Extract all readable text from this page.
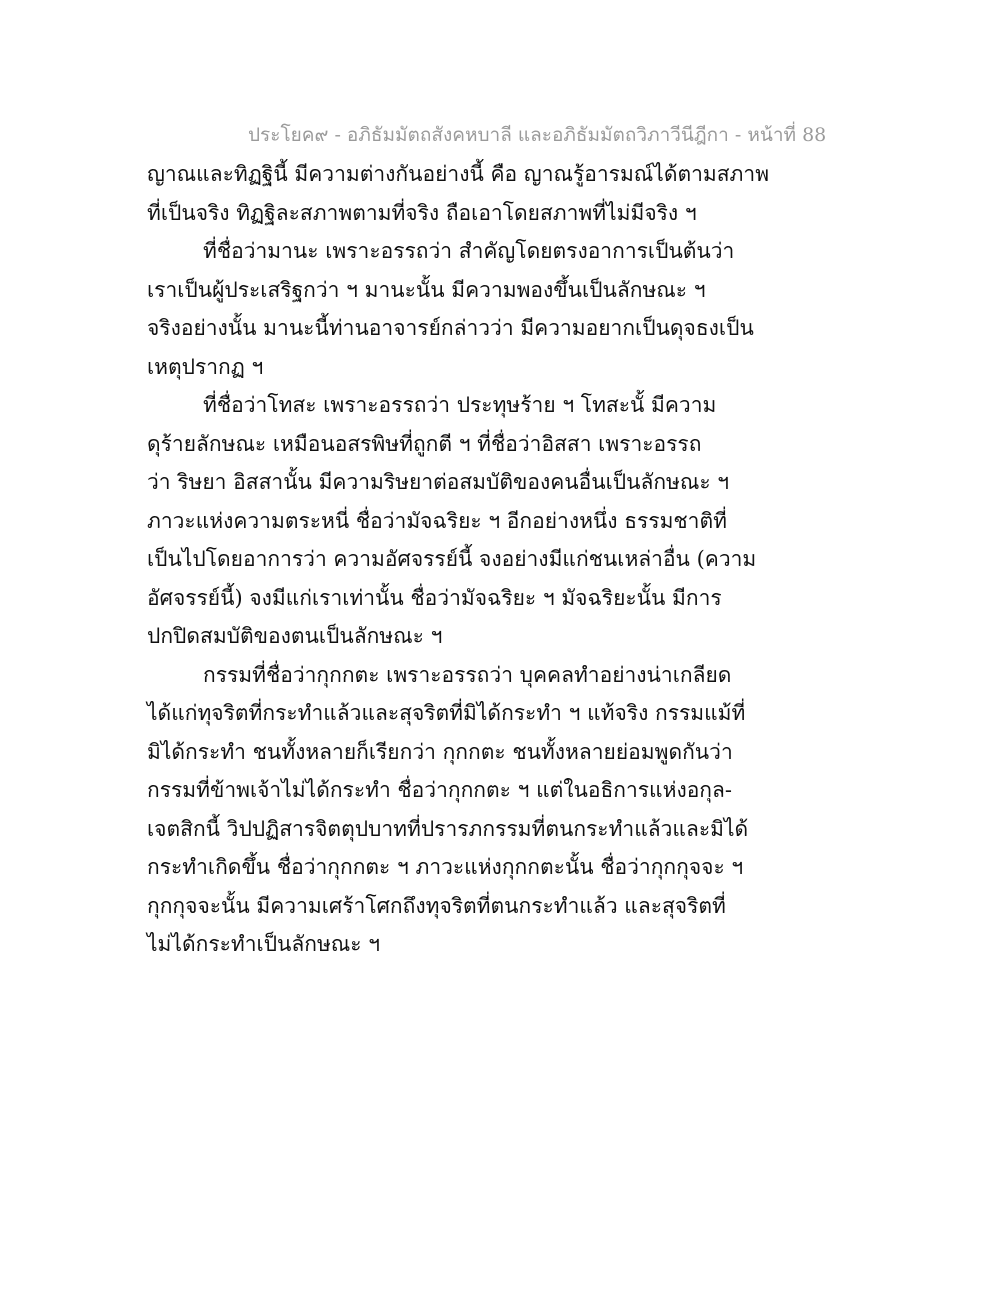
ประโยค๙ - อภิธัมมัตถสังคหบาลี และอภิธัมมัตถวิภาวีนีฎีกา - หน้าที่ 88
ญาณและทิฏฐินี้ มีความต่างกันอย่างนี้ คือ ญาณรู้อารมณ์ได้ตามสภาพ
ที่เป็นจริง ทิฏฐิละสภาพตามที่จริง ถือเอาโดยสภาพที่ไม่มีจริง ฯ
ที่ชื่อว่ามานะ เพราะอรรถว่า สำคัญโดยตรงอาการเป็นต้นว่า
เราเป็นผู้ประเสริฐกว่า ฯ มานะนั้น มีความพองขึ้นเป็นลักษณะ ฯ
จริงอย่างนั้น มานะนี้ท่านอาจารย์กล่าวว่า มีความอยากเป็นดุจธงเป็น
เหตุปรากฏ ฯ
ที่ชื่อว่าโทสะ เพราะอรรถว่า ประทุษร้าย ฯ โทสะนั้ มีความ
ดุร้ายลักษณะ เหมือนอสรพิษที่ถูกตี ฯ ที่ชื่อว่าอิสสา เพราะอรรถ
ว่า ริษยา อิสสานั้น มีความริษยาต่อสมบัติของคนอื่นเป็นลักษณะ ฯ
ภาวะแห่งความตระหนี่ ชื่อว่ามัจฉริยะ ฯ อีกอย่างหนึ่ง ธรรมชาติที่
เป็นไปโดยอาการว่า ความอัศจรรย์นี้ จงอย่างมีแก่ชนเหล่าอื่น (ความ
อัศจรรย์นี้) จงมีแก่เราเท่านั้น ชื่อว่ามัจฉริยะ ฯ มัจฉริยะนั้น มีการ
ปกปิดสมบัติของตนเป็นลักษณะ ฯ
กรรมที่ชื่อว่ากุกกตะ เพราะอรรถว่า บุคคลทำอย่างน่าเกลียด
ได้แก่ทุจริตที่กระทำแล้วและสุจริตที่มิได้กระทำ ฯ แท้จริง กรรมแม้ที่
มิได้กระทำ ชนทั้งหลายก็เรียกว่า กุกกตะ ชนทั้งหลายย่อมพูดกันว่า
กรรมที่ข้าพเจ้าไม่ได้กระทำ ชื่อว่ากุกกตะ ฯ แต่ในอธิการแห่งอกุล-
เจตสิกนี้ วิปปฏิสารจิตตุปบาทที่ปรารภกรรมที่ตนกระทำแล้วและมิได้
กระทำเกิดขึ้น ชื่อว่ากุกกตะ ฯ ภาวะแห่งกุกกตะนั้น ชื่อว่ากุกกุจจะ ฯ
กุกกุจจะนั้น มีความเศร้าโศกถึงทุจริตที่ตนกระทำแล้ว และสุจริตที่
ไม่ได้กระทำเป็นลักษณะ ฯ
